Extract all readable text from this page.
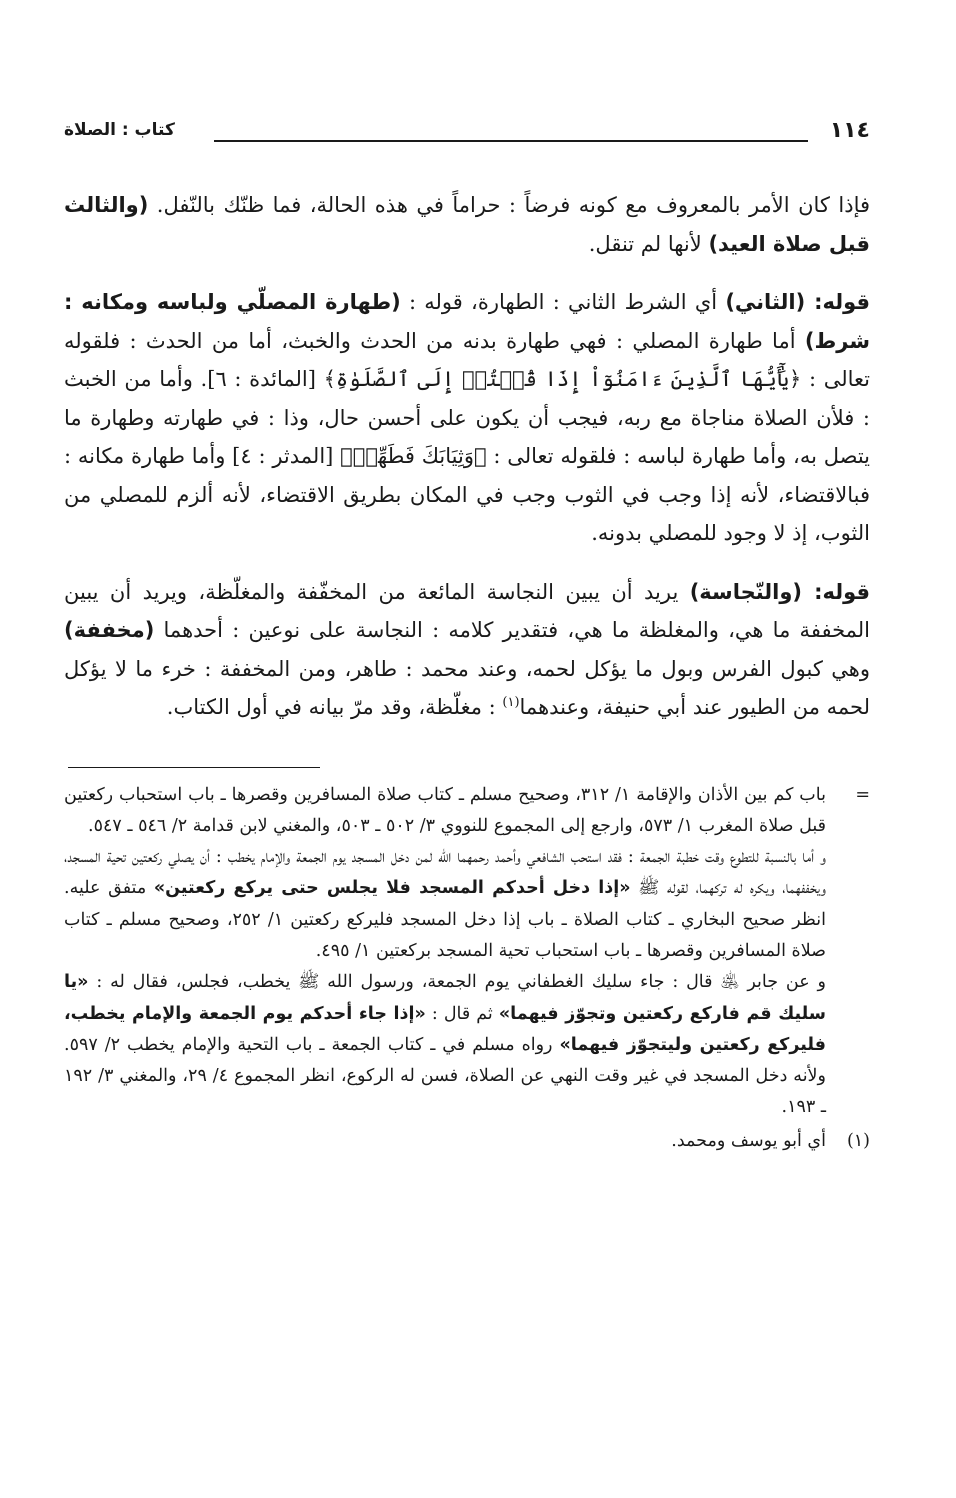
١١٤
كتاب : الصلاة

فإذا كان الأمر بالمعروف مع كونه فرضاً : حراماً في هذه الحالة، فما ظنّك بالنّفل. (والثالث قبل صلاة العيد) لأنها لم تنقل.

قوله: (الثاني) أي الشرط الثاني : الطهارة، قوله : (طهارة المصلّي ولباسه ومكانه : شرط) أما طهارة المصلي : فهي طهارة بدنه من الحدث والخبث، أما من الحدث : فلقوله تعالى : ﴿يَٰٓأَيُّهَا ٱلَّذِينَ ءَامَنُوٓاْ إِذَا قُمۡتُمۡ إِلَى ٱلصَّلَوٰةِ﴾ [المائدة : ٦]. وأما من الخبث : فلأن الصلاة مناجاة مع ربه، فيجب أن يكون على أحسن حال، وذا : في طهارته وطهارة ما يتصل به، وأما طهارة لباسه : فلقوله تعالى : ﴿وَثِيَابَكَ فَطَهِّرۡ﴾ [المدثر : ٤] وأما طهارة مكانه : فبالاقتضاء، لأنه إذا وجب في الثوب وجب في المكان بطريق الاقتضاء، لأنه ألزم للمصلي من الثوب، إذ لا وجود للمصلي بدونه.

قوله: (والنّجاسة) يريد أن يبين النجاسة المائعة من المخفّفة والمغلّظة، ويريد أن يبين المخففة ما هي، والمغلظة ما هي، فتقدير كلامه : النجاسة على نوعين : أحدهما (مخففة) وهي كبول الفرس وبول ما يؤكل لحمه، وعند محمد : طاهر، ومن المخففة : خرء ما لا يؤكل لحمه من الطيور عند أبي حنيفة، وعندهما$^{(١)}$ : مغلّظة، وقد مرّ بيانه في أول الكتاب.

=
باب كم بين الأذان والإقامة ١/ ٣١٢، وصحيح مسلم ـ كتاب صلاة المسافرين وقصرها ـ باب استحباب ركعتين قبل صلاة المغرب ١/ ٥٧٣، وارجع إلى المجموع للنووي ٣/ ٥٠٢ ـ ٥٠٣، والمغني لابن قدامة ٢/ ٥٤٦ ـ ٥٤٧.

و أما بالنسبة للتطوع وقت خطبة الجمعة : فقد استحب الشافعي وأحمد رحمهما الله لمن دخل المسجد يوم الجمعة والإمام يخطب : أن يصلي ركعتين تحية المسجد، ويخففهما، ويكره له تركهما، لقوله ﷺ «إذا دخل أحدكم المسجد فلا يجلس حتى يركع ركعتين» متفق عليه. انظر صحيح البخاري ـ كتاب الصلاة ـ باب إذا دخل المسجد فليركع ركعتين ١/ ٢٥٢، وصحيح مسلم ـ كتاب صلاة المسافرين وقصرها ـ باب استحباب تحية المسجد بركعتين ١/ ٤٩٥.

و عن جابر ﵁ قال : جاء سليك الغطفاني يوم الجمعة، ورسول الله ﷺ يخطب، فجلس، فقال له : «يا سليك قم فاركع ركعتين وتجوّز فيهما» ثم قال : «إذا جاء أحدكم يوم الجمعة والإمام يخطب، فليركع ركعتين وليتجوّز فيهما» رواه مسلم في ـ كتاب الجمعة ـ باب التحية والإمام يخطب ٢/ ٥٩٧. ولأنه دخل المسجد في غير وقت النهي عن الصلاة، فسن له الركوع، انظر المجموع ٤/ ٢٩، والمغني ٣/ ١٩٢ ـ ١٩٣.

(١)
أي أبو يوسف ومحمد.
